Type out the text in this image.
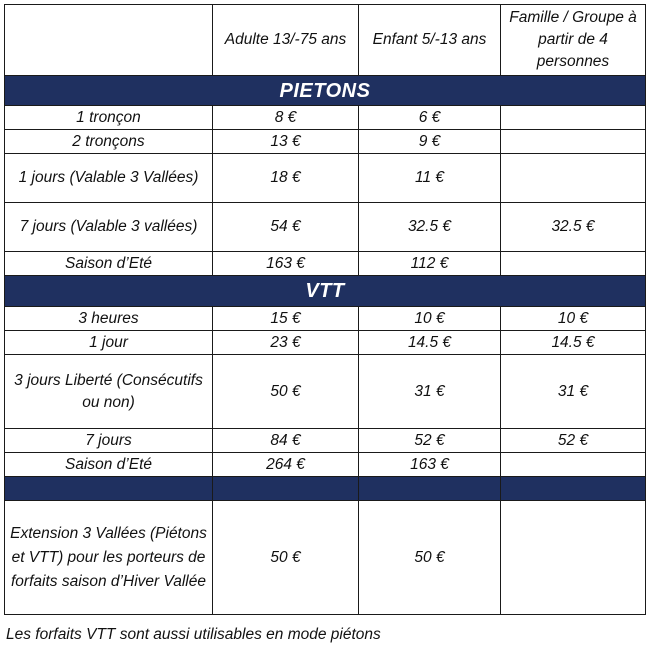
	Adulte 13/-75 ans	Enfant 5/-13 ans	Famille / Groupe à partir de 4 personnes
PIETONS			
1 tronçon	8 €	6 €	
2 tronçons	13 €	9 €	
1 jours (Valable 3 Vallées)	18 €	11 €	
7 jours (Valable 3 vallées)	54 €	32.5 €	32.5 €
Saison d’Eté	163 €	112 €	
VTT			
3 heures	15 €	10 €	10 €
1 jour	23 €	14.5 €	14.5 €
3 jours Liberté (Consécutifs ou non)	50 €	31 €	31 €
7 jours	84 €	52 €	52 €
Saison d’Eté	264 €	163 €	

Extension 3 Vallées (Piétons et VTT) pour les porteurs de forfaits saison d’Hiver Vallée	50 €	50 €	
Les forfaits VTT sont aussi utilisables en mode piétons
